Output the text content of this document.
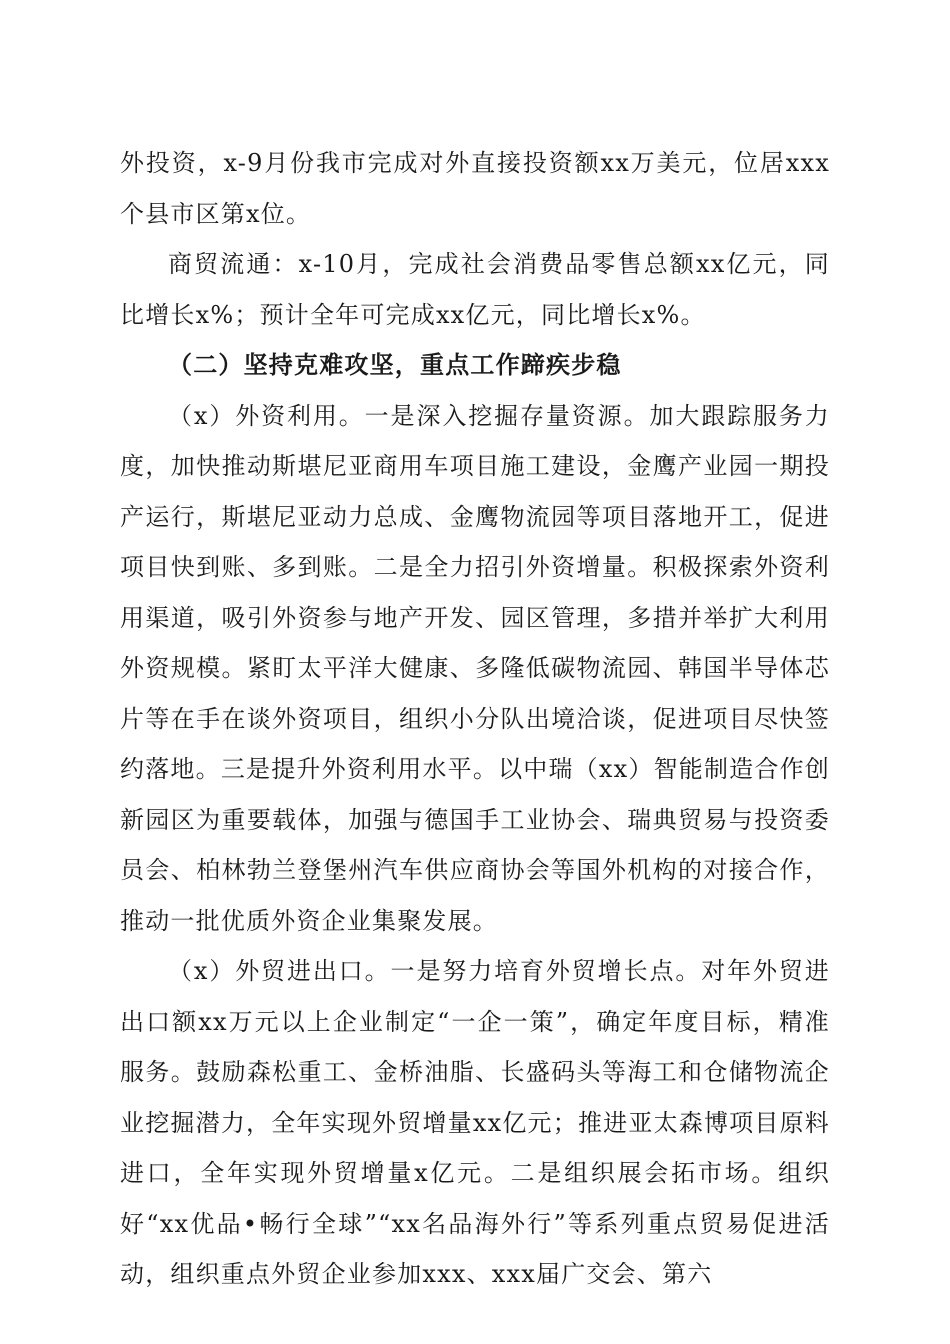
外投资，x-9月份我市完成对外直接投资额xx万美元，位居xxx个县市区第x位。

商贸流通：x-10月，完成社会消费品零售总额xx亿元，同比增长x%；预计全年可完成xx亿元，同比增长x%。

（二）坚持克难攻坚，重点工作蹄疾步稳

（x）外资利用。一是深入挖掘存量资源。加大跟踪服务力度，加快推动斯堪尼亚商用车项目施工建设，金鹰产业园一期投产运行，斯堪尼亚动力总成、金鹰物流园等项目落地开工，促进项目快到账、多到账。二是全力招引外资增量。积极探索外资利用渠道，吸引外资参与地产开发、园区管理，多措并举扩大利用外资规模。紧盯太平洋大健康、多隆低碳物流园、韩国半导体芯片等在手在谈外资项目，组织小分队出境洽谈，促进项目尽快签约落地。三是提升外资利用水平。以中瑞（xx）智能制造合作创新园区为重要载体，加强与德国手工业协会、瑞典贸易与投资委员会、柏林勃兰登堡州汽车供应商协会等国外机构的对接合作，推动一批优质外资企业集聚发展。

（x）外贸进出口。一是努力培育外贸增长点。对年外贸进出口额xx万元以上企业制定“一企一策”，确定年度目标，精准服务。鼓励森松重工、金桥油脂、长盛码头等海工和仓储物流企业挖掘潜力，全年实现外贸增量xx亿元；推进亚太森博项目原料进口，全年实现外贸增量x亿元。二是组织展会拓市场。组织好“xx优品•畅行全球”“xx名品海外行”等系列重点贸易促进活动，组织重点外贸企业参加xxx、xxx届广交会、第六
